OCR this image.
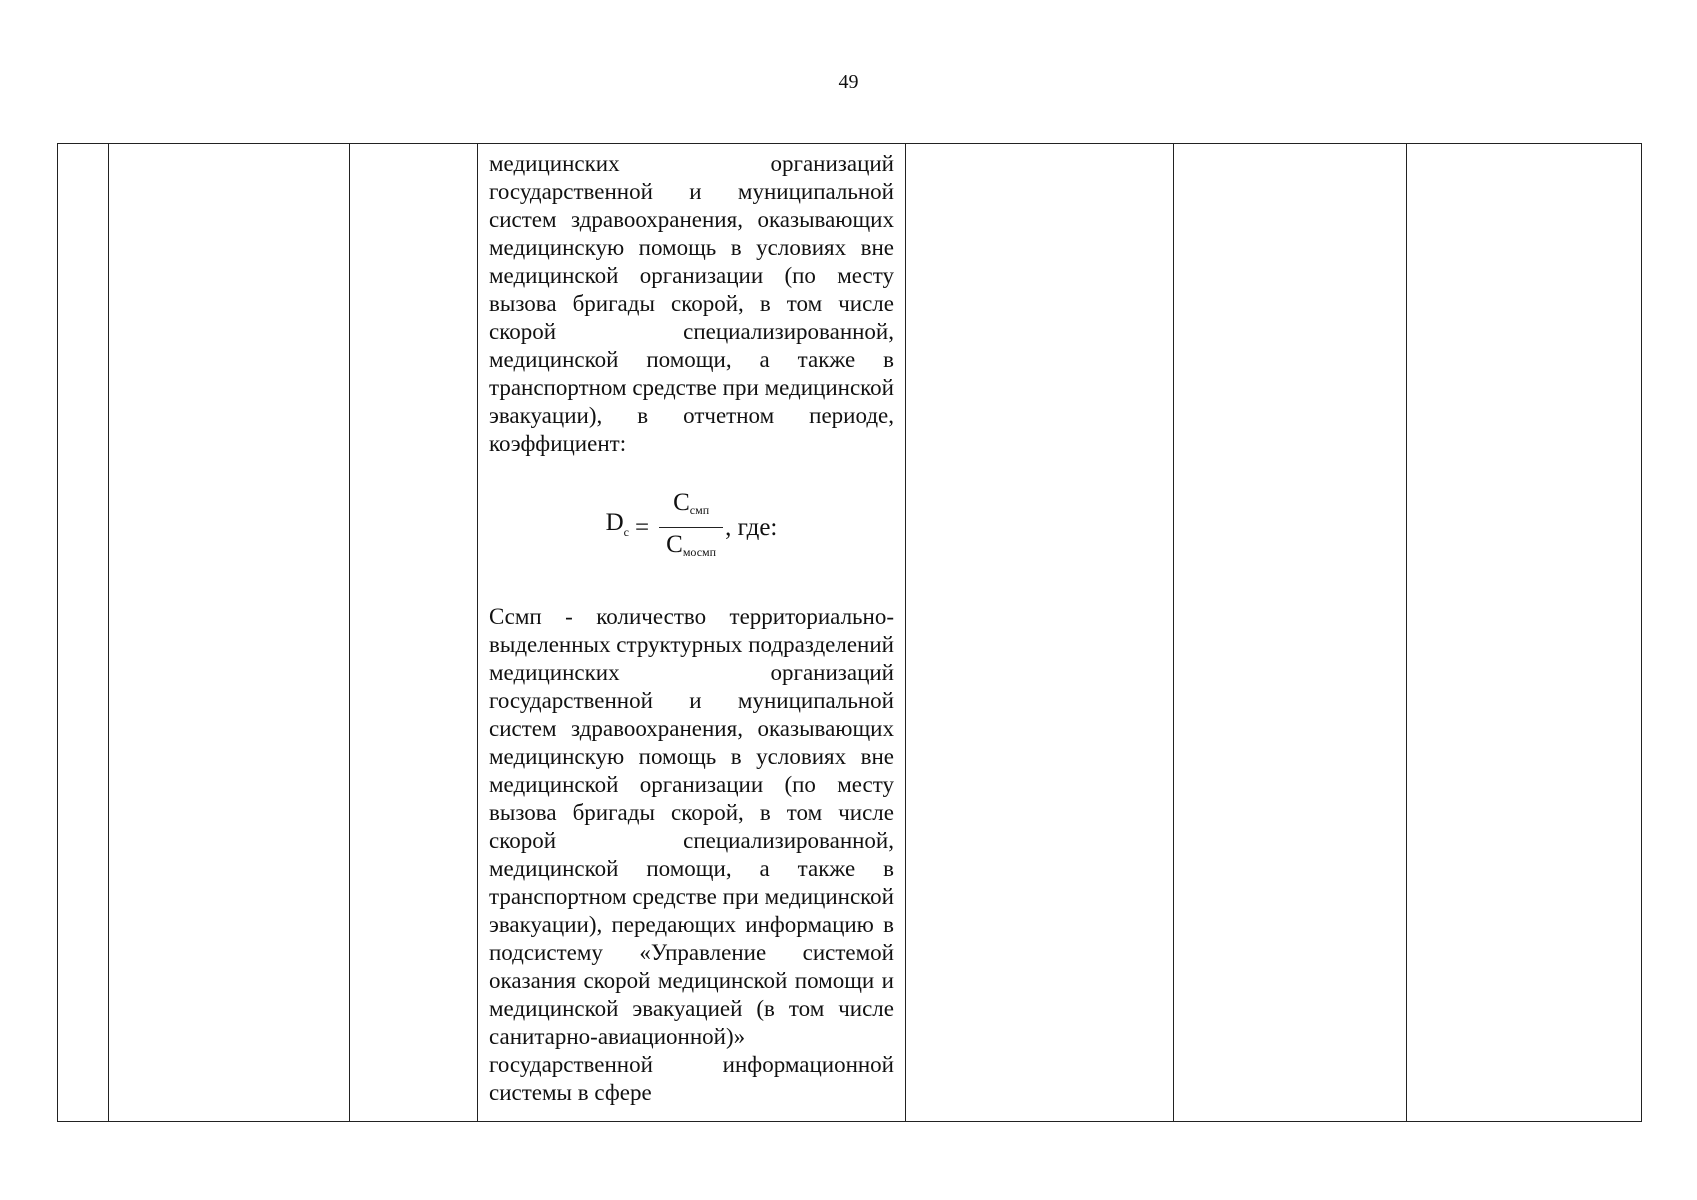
49

медицинских организаций государственной и муниципальной систем здравоохранения, оказывающих медицинскую помощь в условиях вне медицинской организации (по месту вызова бригады скорой, в том числе скорой специализированной, медицинской помощи, а также в транспортном средстве при медицинской эвакуации), в отчетном периоде, коэффициент:

$D_c = \frac{C_{смп}}{C_{мосмп}}$ , где:

Ссмп - количество территориально-выделенных структурных подразделений медицинских организаций государственной и муниципальной систем здравоохранения, оказывающих медицинскую помощь в условиях вне медицинской организации (по месту вызова бригады скорой, в том числе скорой специализированной, медицинской помощи, а также в транспортном средстве при медицинской эвакуации), передающих информацию в подсистему «Управление системой оказания скорой медицинской помощи и медицинской эвакуацией (в том числе санитарно-авиационной)» государственной информационной системы в сфере
